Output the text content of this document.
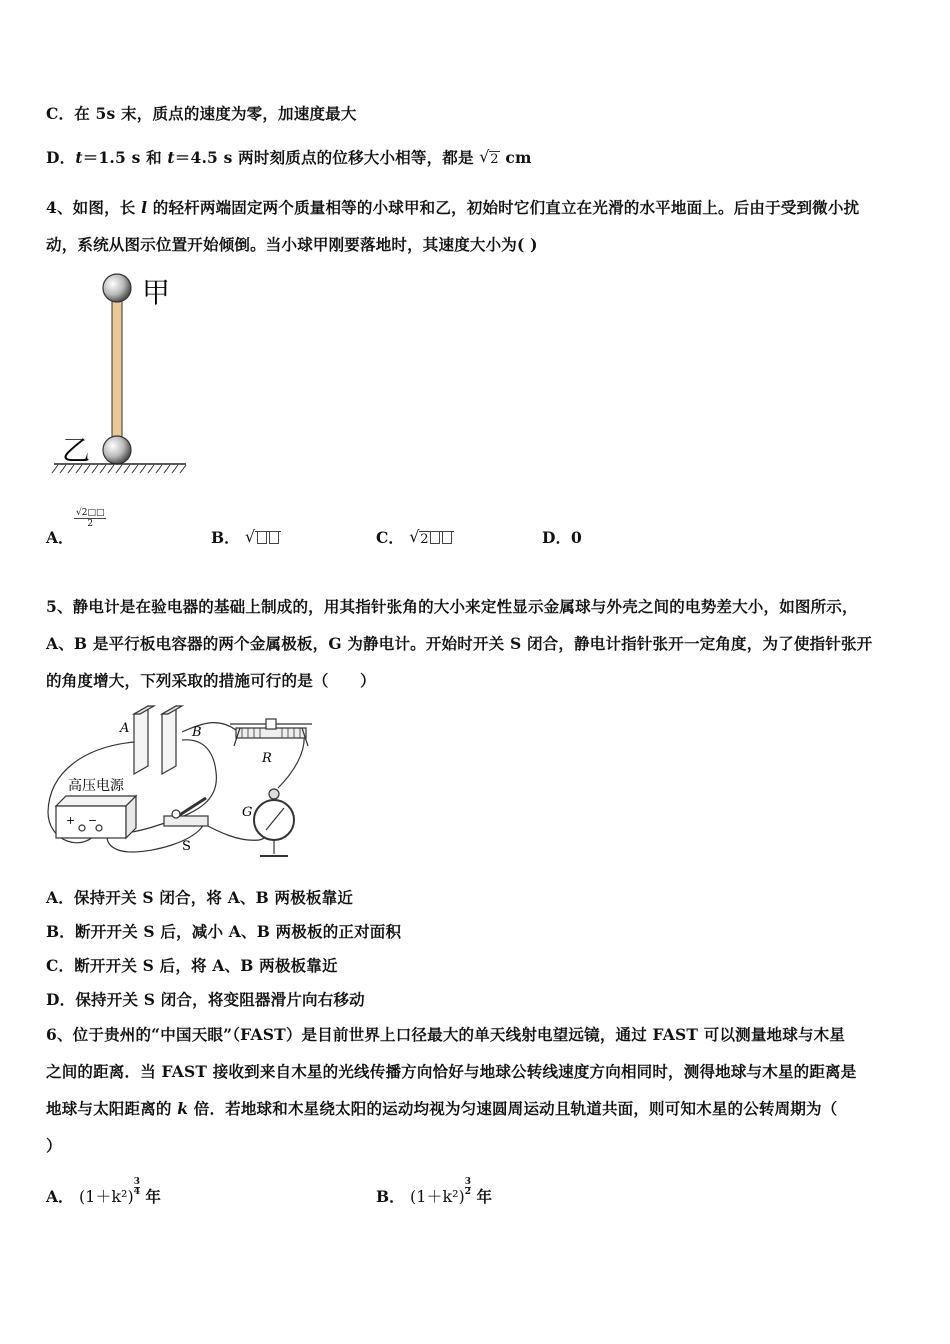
C．在 5s 末，质点的速度为零，加速度最大
D．t＝1.5 s 和 t＝4.5 s 两时刻质点的位移大小相等，都是 √ 2 cm
4、如图，长 l 的轻杆两端固定两个质量相等的小球甲和乙，初始时它们直立在光滑的水平地面上。后由于受到微小扰
动，系统从图示位置开始倾倒。当小球甲刚要落地时，其速度大小为( )
甲
乙
A．
$\frac{√2□□}{2}$
B． √	C． √ 2	D．0
5、静电计是在验电器的基础上制成的，用其指针张角的大小来定性显示金属球与外壳之间的电势差大小，如图所示，
A、B 是平行板电容器的两个金属极板，G 为静电计。开始时开关 S 闭合，静电计指针张开一定角度，为了使指针张开
的角度增大，下列采取的措施可行的是（　　）
A	B
R
G
S
高压电源
+ −
A．保持开关 S 闭合，将 A、B 两极板靠近
B．断开开关 S 后，减小 A、B 两极板的正对面积
C．断开开关 S 后，将 A、B 两极板靠近
D．保持开关 S 闭合，将变阻器滑片向右移动
6、位于贵州的“中国天眼”（FAST）是目前世界上口径最大的单天线射电望远镜，通过 FAST 可以测量地球与木星
之间的距离．当 FAST 接收到来自木星的光线传播方向恰好与地球公转线速度方向相同时，测得地球与木星的距离是
地球与太阳距离的 k 倍．若地球和木星绕太阳的运动均视为匀速圆周运动且轨道共面，则可知木星的公转周期为（
）
A． $(1+k^2) \frac{3}{4}$ 年	B． $(1+k^2) \frac{3}{2}$ 年
